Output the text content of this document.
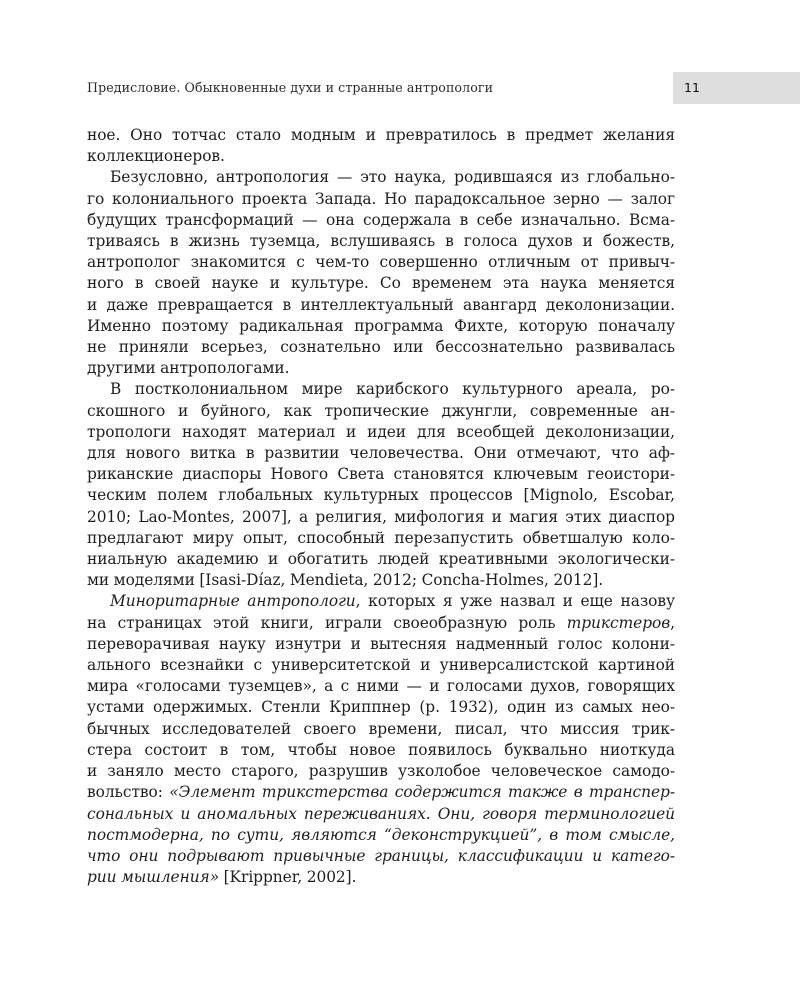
Предисловие. Обыкновенные духи и странные антропологи	11
ное. Оно тотчас стало модным и превратилось в предмет желания
коллекционеров.
Безусловно, антропология — это наука, родившаяся из глобально-
го колониального проекта Запада. Но парадоксальное зерно — залог
будущих трансформаций — она содержала в себе изначально. Всма-
триваясь в жизнь туземца, вслушиваясь в голоса духов и божеств,
антрополог знакомится с чем-то совершенно отличным от привыч-
ного в своей науке и культуре. Со временем эта наука меняется
и даже превращается в интеллектуальный авангард деколонизации.
Именно поэтому радикальная программа Фихте, которую поначалу
не приняли всерьез, сознательно или бессознательно развивалась
другими антропологами.
В постколониальном мире карибского культурного ареала, ро-
скошного и буйного, как тропические джунгли, современные ан-
тропологи находят материал и идеи для всеобщей деколонизации,
для нового витка в развитии человечества. Они отмечают, что аф-
риканские диаспоры Нового Света становятся ключевым геоистори-
ческим полем глобальных культурных процессов [Mignolo, Escobar,
2010; Lao-Montes, 2007], а религия, мифология и магия этих диаспор
предлагают миру опыт, способный перезапустить обветшалую коло-
ниальную академию и обогатить людей креативными экологически-
ми моделями [Isasi-Díaz, Mendieta, 2012; Concha-Holmes, 2012].
Миноритарные антропологи, которых я уже назвал и еще назову
на страницах этой книги, играли своеобразную роль трикстеров,
переворачивая науку изнутри и вытесняя надменный голос колони-
ального всезнайки с университетской и универсалистской картиной
мира «голосами туземцев», а с ними — и голосами духов, говорящих
устами одержимых. Стенли Криппнер (р. 1932), один из самых нео-
бычных исследователей своего времени, писал, что миссия трик-
стера состоит в том, чтобы новое появилось буквально ниоткуда
и заняло место старого, разрушив узколобое человеческое самодо-
вольство: «Элемент трикстерства содержится также в транспер-
сональных и аномальных переживаниях. Они, говоря терминологией
постмодерна, по сути, являются “деконструкцией”, в том смысле,
что они подрывают привычные границы, классификации и катего-
рии мышления» [Krippner, 2002].
